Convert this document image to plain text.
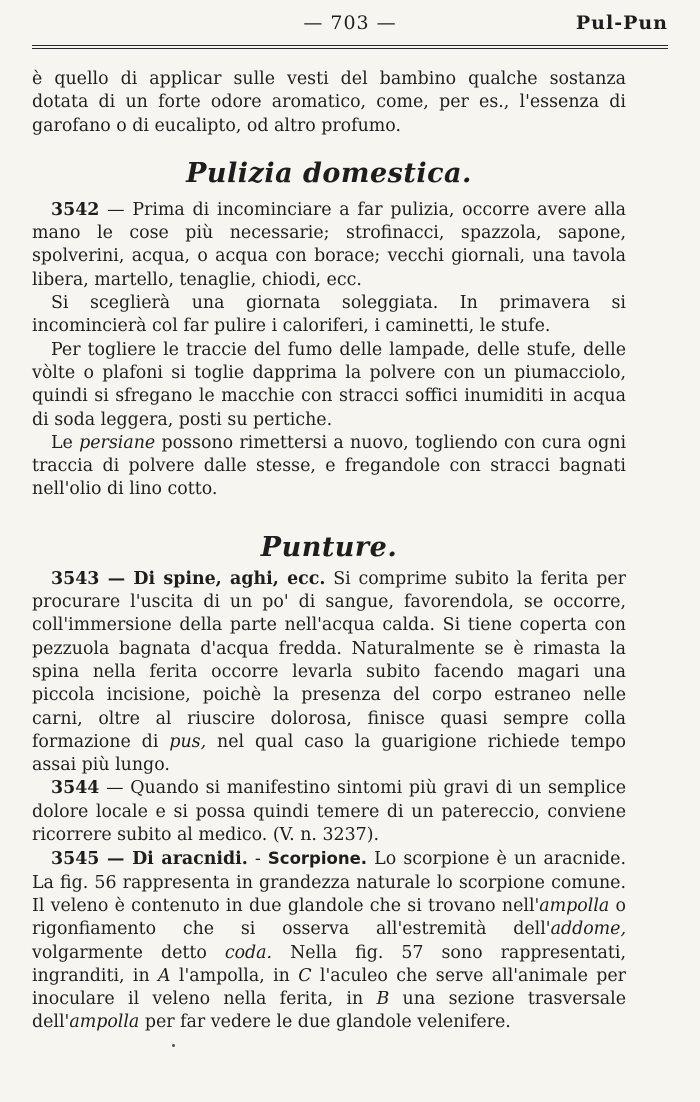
— 703 —	Pul-Pun

è quello di applicar sulle vesti del bambino qualche sostanza dotata di un forte odore aromatico, come, per es., l'essenza di garofano o di eucalipto, od altro profumo.

Pulizia domestica.

3542 — Prima di incominciare a far pulizia, occorre avere alla mano le cose più necessarie; strofinacci, spazzola, sapone, spolverini, acqua, o acqua con borace; vecchi giornali, una tavola libera, martello, tenaglie, chiodi, ecc.

Si sceglierà una giornata soleggiata. In primavera si incomincierà col far pulire i caloriferi, i caminetti, le stufe.

Per togliere le traccie del fumo delle lampade, delle stufe, delle vòlte o plafoni si toglie dapprima la polvere con un piumacciolo, quindi si sfregano le macchie con stracci soffici inumiditi in acqua di soda leggera, posti su pertiche.

Le persiane possono rimettersi a nuovo, togliendo con cura ogni traccia di polvere dalle stesse, e fregandole con stracci bagnati nell'olio di lino cotto.

Punture.

3543 — Di spine, aghi, ecc. Si comprime subito la ferita per procurare l'uscita di un po' di sangue, favorendola, se occorre, coll'immersione della parte nell'acqua calda. Si tiene coperta con pezzuola bagnata d'acqua fredda. Naturalmente se è rimasta la spina nella ferita occorre levarla subito facendo magari una piccola incisione, poichè la presenza del corpo estraneo nelle carni, oltre al riuscire dolorosa, finisce quasi sempre colla formazione di pus, nel qual caso la guarigione richiede tempo assai più lungo.

3544 — Quando si manifestino sintomi più gravi di un semplice dolore locale e si possa quindi temere di un patereccio, conviene ricorrere subito al medico. (V. n. 3237).

3545 — Di aracnidi. - Scorpione. Lo scorpione è un aracnide. La fig. 56 rappresenta in grandezza naturale lo scorpione comune. Il veleno è contenuto in due glandole che si trovano nell'ampolla o rigonfiamento che si osserva all'estremità dell'addome, volgarmente detto coda. Nella fig. 57 sono rappresentati, ingranditi, in A l'ampolla, in C l'aculeo che serve all'animale per inoculare il veleno nella ferita, in B una sezione trasversale dell'ampolla per far vedere le due glandole velenifere.
